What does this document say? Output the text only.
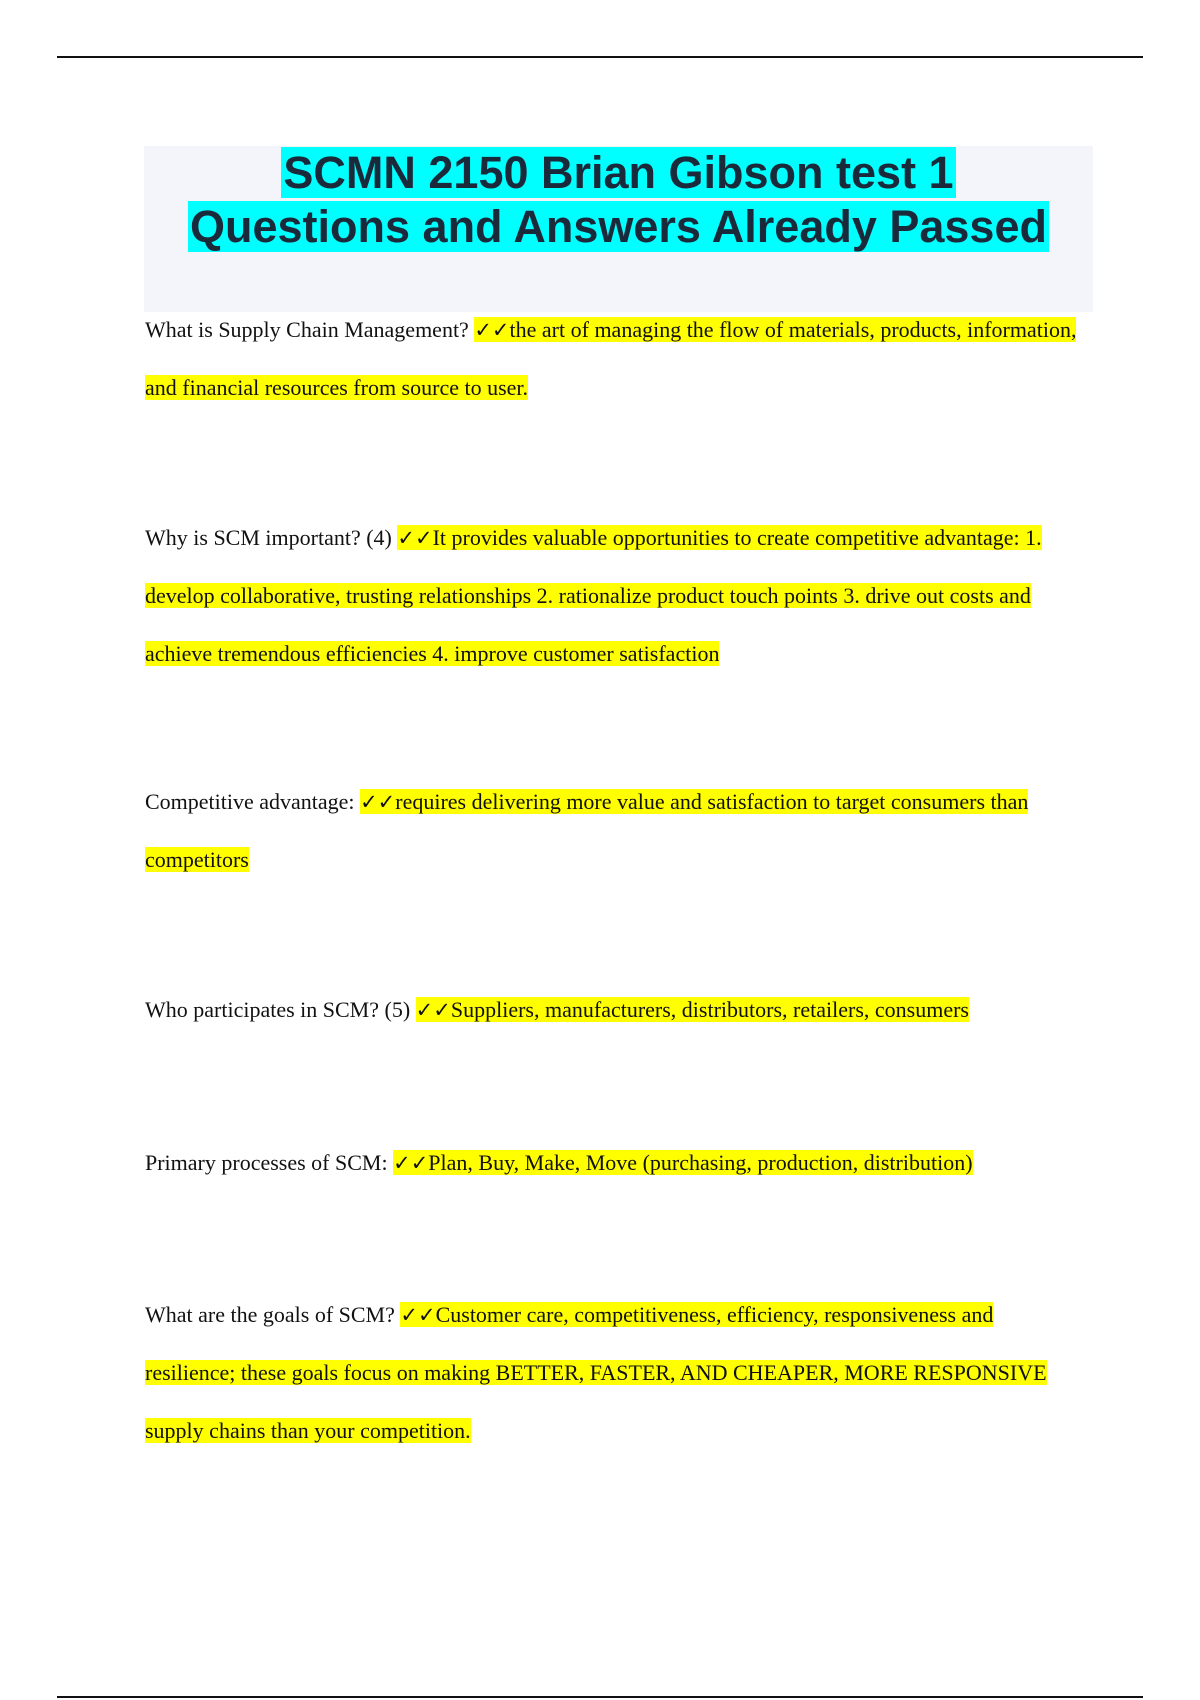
SCMN 2150 Brian Gibson test 1
Questions and Answers Already Passed

What is Supply Chain Management? ✓✓the art of managing the flow of materials, products, information, and financial resources from source to user.

Why is SCM important? (4) ✓✓It provides valuable opportunities to create competitive advantage: 1. develop collaborative, trusting relationships 2. rationalize product touch points 3. drive out costs and achieve tremendous efficiencies 4. improve customer satisfaction

Competitive advantage: ✓✓requires delivering more value and satisfaction to target consumers than competitors

Who participates in SCM? (5) ✓✓Suppliers, manufacturers, distributors, retailers, consumers

Primary processes of SCM: ✓✓Plan, Buy, Make, Move (purchasing, production, distribution)

What are the goals of SCM? ✓✓Customer care, competitiveness, efficiency, responsiveness and resilience; these goals focus on making BETTER, FASTER, AND CHEAPER, MORE RESPONSIVE supply chains than your competition.
